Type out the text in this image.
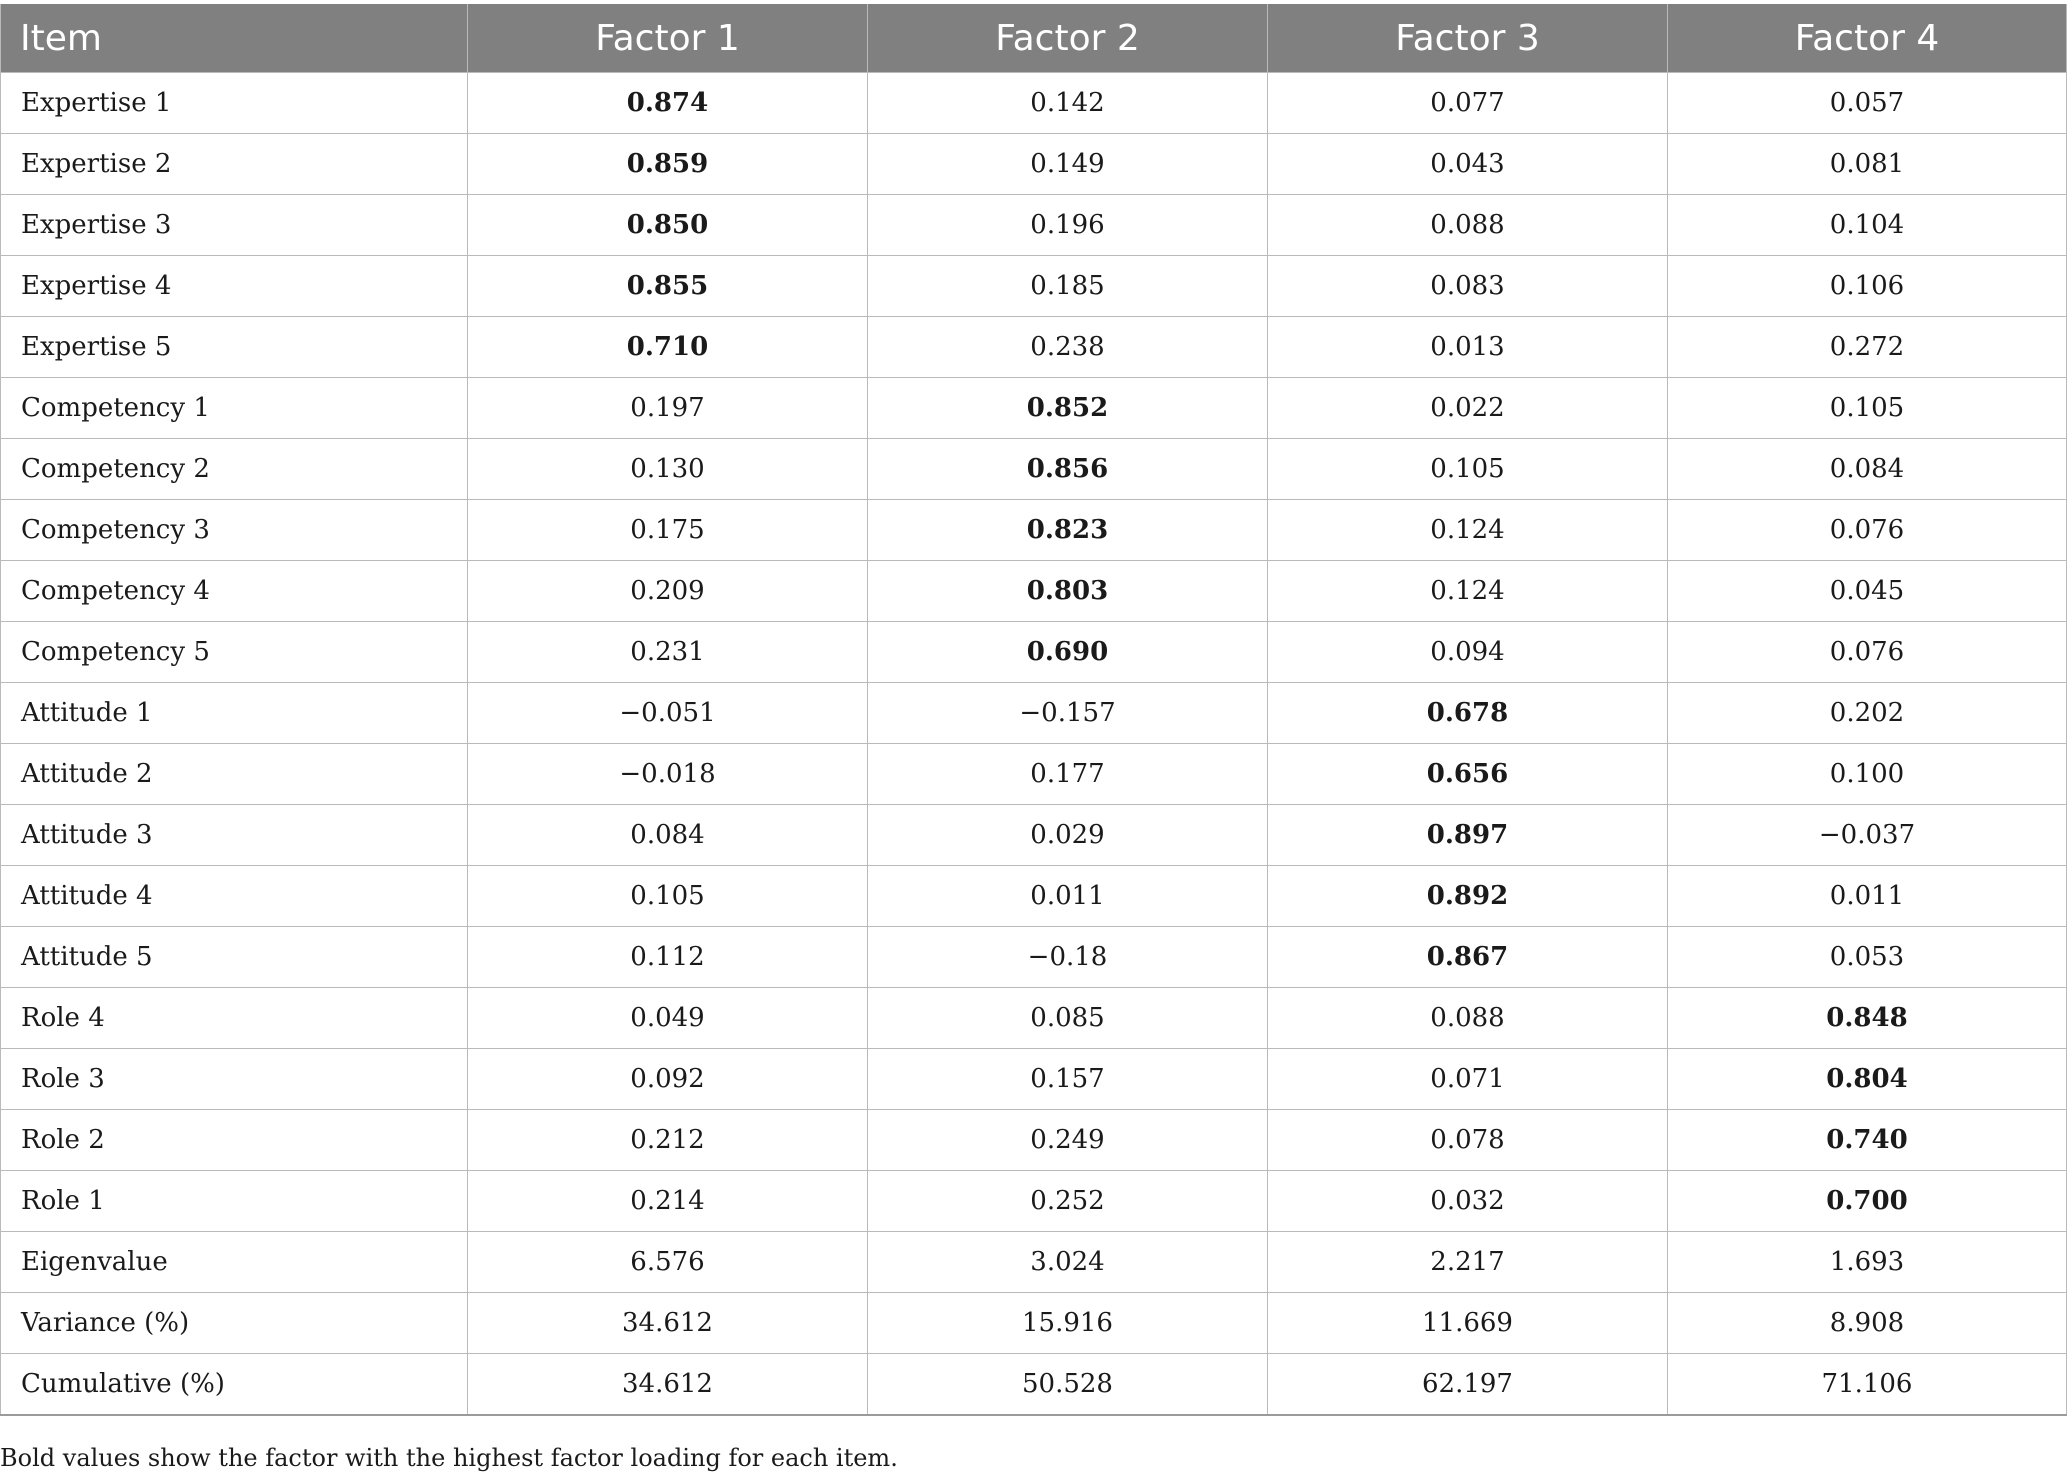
Item	Factor 1	Factor 2	Factor 3	Factor 4
Expertise 1	0.874	0.142	0.077	0.057
Expertise 2	0.859	0.149	0.043	0.081
Expertise 3	0.850	0.196	0.088	0.104
Expertise 4	0.855	0.185	0.083	0.106
Expertise 5	0.710	0.238	0.013	0.272
Competency 1	0.197	0.852	0.022	0.105
Competency 2	0.130	0.856	0.105	0.084
Competency 3	0.175	0.823	0.124	0.076
Competency 4	0.209	0.803	0.124	0.045
Competency 5	0.231	0.690	0.094	0.076
Attitude 1	−0.051	−0.157	0.678	0.202
Attitude 2	−0.018	0.177	0.656	0.100
Attitude 3	0.084	0.029	0.897	−0.037
Attitude 4	0.105	0.011	0.892	0.011
Attitude 5	0.112	−0.18	0.867	0.053
Role 4	0.049	0.085	0.088	0.848
Role 3	0.092	0.157	0.071	0.804
Role 2	0.212	0.249	0.078	0.740
Role 1	0.214	0.252	0.032	0.700
Eigenvalue	6.576	3.024	2.217	1.693
Variance (%)	34.612	15.916	11.669	8.908
Cumulative (%)	34.612	50.528	62.197	71.106
Bold values show the factor with the highest factor loading for each item.
